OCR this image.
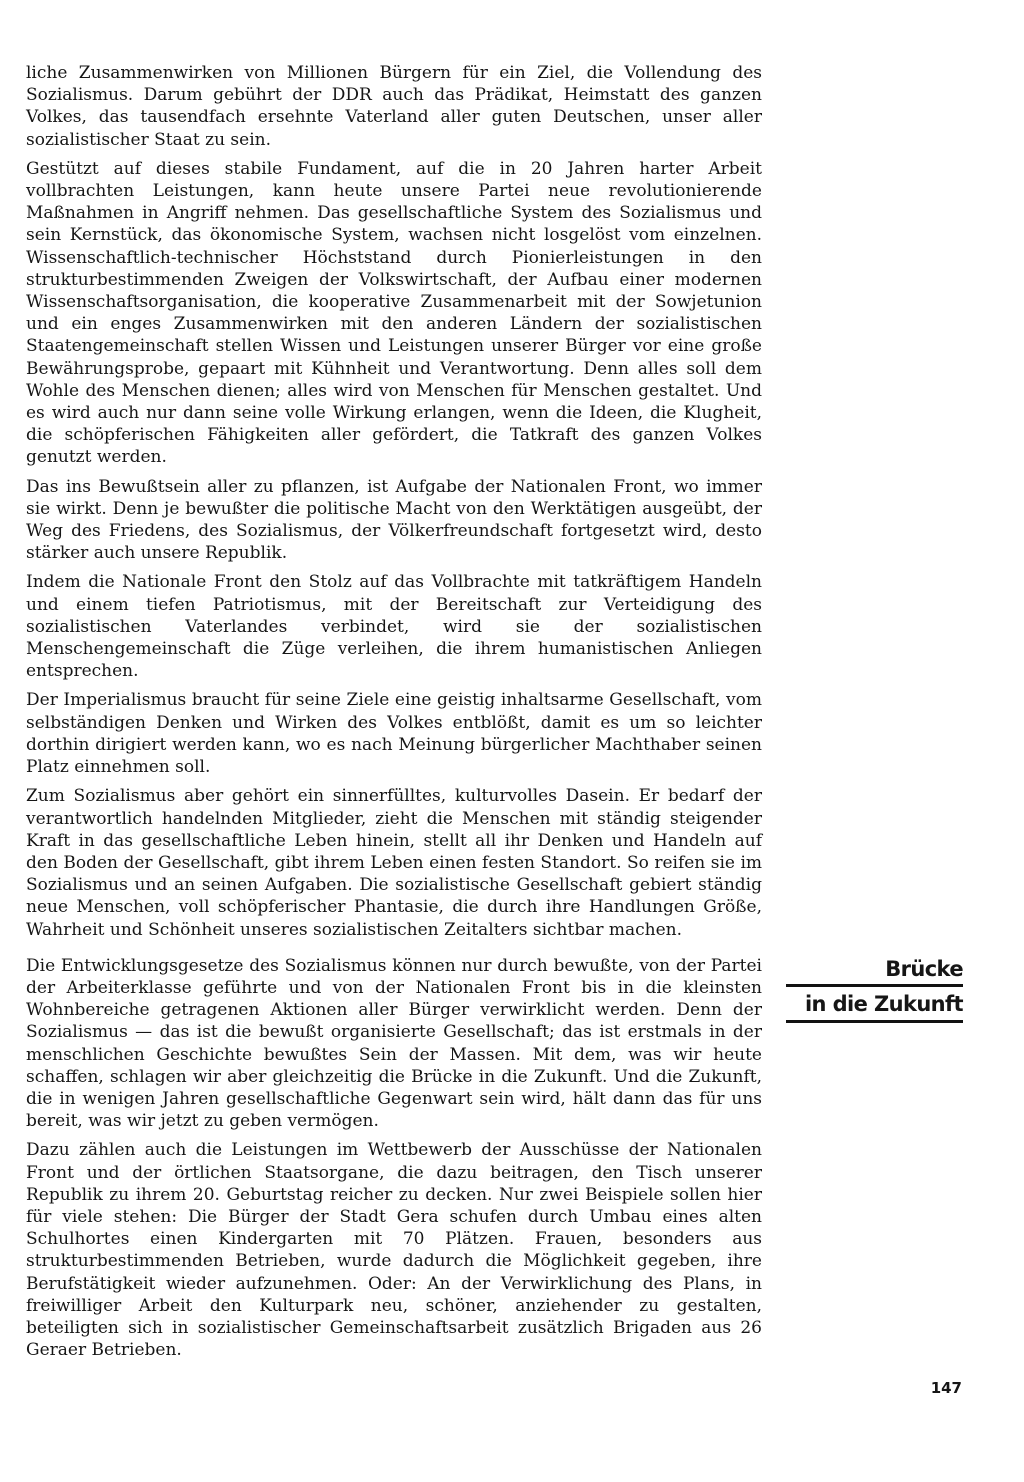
liche Zusammenwirken von Millionen Bürgern für ein Ziel, die Vollendung des Sozialismus. Darum gebührt der DDR auch das Prädikat, Heimstatt des ganzen Volkes, das tausendfach ersehnte Vaterland aller guten Deutschen, unser aller sozialistischer Staat zu sein.

Gestützt auf dieses stabile Fundament, auf die in 20 Jahren harter Arbeit vollbrachten Leistungen, kann heute unsere Partei neue revolutionierende Maßnahmen in Angriff nehmen. Das gesellschaftliche System des Sozialismus und sein Kernstück, das ökonomische System, wachsen nicht losgelöst vom einzelnen. Wissenschaftlich-technischer Höchststand durch Pionierleistungen in den strukturbestimmenden Zweigen der Volkswirtschaft, der Aufbau einer modernen Wissenschaftsorganisation, die kooperative Zusammenarbeit mit der Sowjetunion und ein enges Zusammenwirken mit den anderen Ländern der sozialistischen Staatengemeinschaft stellen Wissen und Leistungen unserer Bürger vor eine große Bewährungsprobe, gepaart mit Kühnheit und Verantwortung. Denn alles soll dem Wohle des Menschen dienen; alles wird von Menschen für Menschen gestaltet. Und es wird auch nur dann seine volle Wirkung erlangen, wenn die Ideen, die Klugheit, die schöpferischen Fähigkeiten aller gefördert, die Tatkraft des ganzen Volkes genutzt werden.

Das ins Bewußtsein aller zu pflanzen, ist Aufgabe der Nationalen Front, wo immer sie wirkt. Denn je bewußter die politische Macht von den Werktätigen ausgeübt, der Weg des Friedens, des Sozialismus, der Völkerfreundschaft fortgesetzt wird, desto stärker auch unsere Republik.

Indem die Nationale Front den Stolz auf das Vollbrachte mit tatkräftigem Handeln und einem tiefen Patriotismus, mit der Bereitschaft zur Verteidigung des sozialistischen Vaterlandes verbindet, wird sie der sozialistischen Menschengemeinschaft die Züge verleihen, die ihrem humanistischen Anliegen entsprechen.

Der Imperialismus braucht für seine Ziele eine geistig inhaltsarme Gesellschaft, vom selbständigen Denken und Wirken des Volkes entblößt, damit es um so leichter dorthin dirigiert werden kann, wo es nach Meinung bürgerlicher Machthaber seinen Platz einnehmen soll.

Zum Sozialismus aber gehört ein sinnerfülltes, kulturvolles Dasein. Er bedarf der verantwortlich handelnden Mitglieder, zieht die Menschen mit ständig steigender Kraft in das gesellschaftliche Leben hinein, stellt all ihr Denken und Handeln auf den Boden der Gesellschaft, gibt ihrem Leben einen festen Standort. So reifen sie im Sozialismus und an seinen Aufgaben. Die sozialistische Gesellschaft gebiert ständig neue Menschen, voll schöpferischer Phantasie, die durch ihre Handlungen Größe, Wahrheit und Schönheit unseres sozialistischen Zeitalters sichtbar machen.

Die Entwicklungsgesetze des Sozialismus können nur durch bewußte, von der Partei der Arbeiterklasse geführte und von der Nationalen Front bis in die kleinsten Wohnbereiche getragenen Aktionen aller Bürger verwirklicht werden. Denn der Sozialismus — das ist die bewußt organisierte Gesellschaft; das ist erstmals in der menschlichen Geschichte bewußtes Sein der Massen. Mit dem, was wir heute schaffen, schlagen wir aber gleichzeitig die Brücke in die Zukunft. Und die Zukunft, die in wenigen Jahren gesellschaftliche Gegenwart sein wird, hält dann das für uns bereit, was wir jetzt zu geben vermögen.

Dazu zählen auch die Leistungen im Wettbewerb der Ausschüsse der Nationalen Front und der örtlichen Staatsorgane, die dazu beitragen, den Tisch unserer Republik zu ihrem 20. Geburtstag reicher zu decken. Nur zwei Beispiele sollen hier für viele stehen: Die Bürger der Stadt Gera schufen durch Umbau eines alten Schulhortes einen Kindergarten mit 70 Plätzen. Frauen, besonders aus strukturbestimmenden Betrieben, wurde dadurch die Möglichkeit gegeben, ihre Berufstätigkeit wieder aufzunehmen. Oder: An der Verwirklichung des Plans, in freiwilliger Arbeit den Kulturpark neu, schöner, anziehender zu gestalten, beteiligten sich in sozialistischer Gemeinschaftsarbeit zusätzlich Brigaden aus 26 Geraer Betrieben.

Brücke
in die Zukunft
147
